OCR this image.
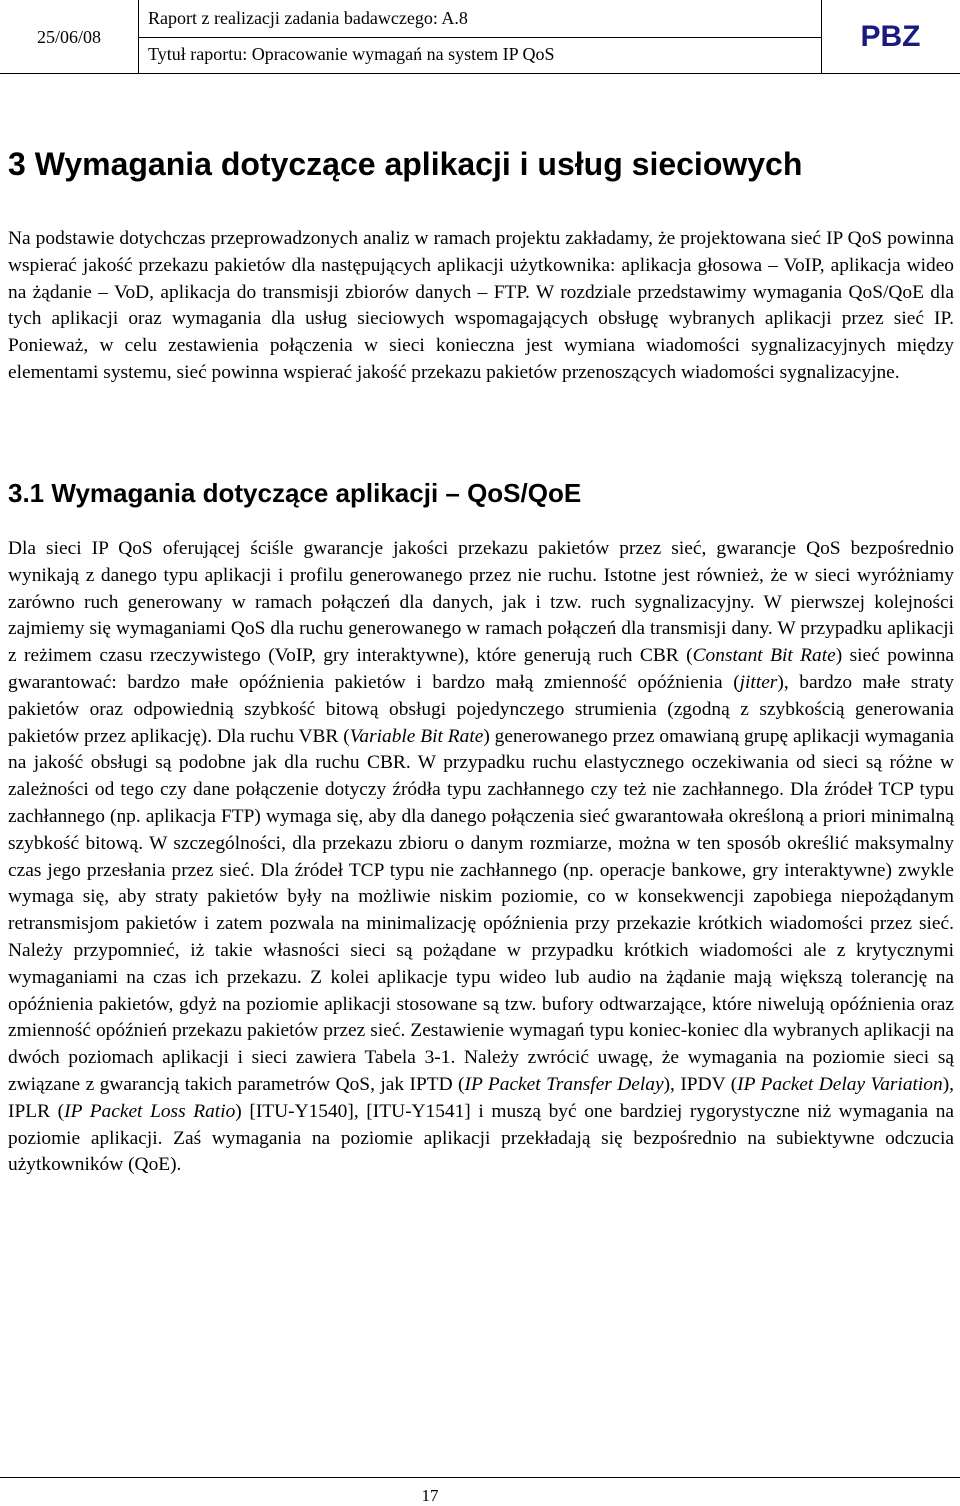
25/06/08
Raport z realizacji zadania badawczego: A.8
Tytuł raportu: Opracowanie wymagań na system IP QoS
PBZ
3 Wymagania dotyczące aplikacji i usług sieciowych

Na podstawie dotychczas przeprowadzonych analiz w ramach projektu zakładamy, że projektowana sieć IP QoS powinna wspierać jakość przekazu pakietów dla następujących aplikacji użytkownika: aplikacja głosowa – VoIP, aplikacja wideo na żądanie – VoD, aplikacja do transmisji zbiorów danych – FTP. W rozdziale przedstawimy wymagania QoS/QoE dla tych aplikacji oraz wymagania dla usług sieciowych wspomagających obsługę wybranych aplikacji przez sieć IP. Ponieważ, w celu zestawienia połączenia w sieci konieczna jest wymiana wiadomości sygnalizacyjnych między elementami systemu, sieć powinna wspierać jakość przekazu pakietów przenoszących wiadomości sygnalizacyjne.

3.1 Wymagania dotyczące aplikacji – QoS/QoE

Dla sieci IP QoS oferującej ściśle gwarancje jakości przekazu pakietów przez sieć, gwarancje QoS bezpośrednio wynikają z danego typu aplikacji i profilu generowanego przez nie ruchu. Istotne jest również, że w sieci wyróżniamy zarówno ruch generowany w ramach połączeń dla danych, jak i tzw. ruch sygnalizacyjny. W pierwszej kolejności zajmiemy się wymaganiami QoS dla ruchu generowanego w ramach połączeń dla transmisji dany. W przypadku aplikacji z reżimem czasu rzeczywistego (VoIP, gry interaktywne), które generują ruch CBR (Constant Bit Rate) sieć powinna gwarantować: bardzo małe opóźnienia pakietów i bardzo małą zmienność opóźnienia (jitter), bardzo małe straty pakietów oraz odpowiednią szybkość bitową obsługi pojedynczego strumienia (zgodną z szybkością generowania pakietów przez aplikację). Dla ruchu VBR (Variable Bit Rate) generowanego przez omawianą grupę aplikacji wymagania na jakość obsługi są podobne jak dla ruchu CBR. W przypadku ruchu elastycznego oczekiwania od sieci są różne w zależności od tego czy dane połączenie dotyczy źródła typu zachłannego czy też nie zachłannego. Dla źródeł TCP typu zachłannego (np. aplikacja FTP) wymaga się, aby dla danego połączenia sieć gwarantowała określoną a priori minimalną szybkość bitową. W szczególności, dla przekazu zbioru o danym rozmiarze, można w ten sposób określić maksymalny czas jego przesłania przez sieć. Dla źródeł TCP typu nie zachłannego (np. operacje bankowe, gry interaktywne) zwykle wymaga się, aby straty pakietów były na możliwie niskim poziomie, co w konsekwencji zapobiega niepożądanym retransmisjom pakietów i zatem pozwala na minimalizację opóźnienia przy przekazie krótkich wiadomości przez sieć. Należy przypomnieć, iż takie własności sieci są pożądane w przypadku krótkich wiadomości ale z krytycznymi wymaganiami na czas ich przekazu. Z kolei aplikacje typu wideo lub audio na żądanie mają większą tolerancję na opóźnienia pakietów, gdyż na poziomie aplikacji stosowane są tzw. bufory odtwarzające, które niwelują opóźnienia oraz zmienność opóźnień przekazu pakietów przez sieć. Zestawienie wymagań typu koniec-koniec dla wybranych aplikacji na dwóch poziomach aplikacji i sieci zawiera Tabela 3-1. Należy zwrócić uwagę, że wymagania na poziomie sieci są związane z gwarancją takich parametrów QoS, jak IPTD (IP Packet Transfer Delay), IPDV (IP Packet Delay Variation), IPLR (IP Packet Loss Ratio) [ITU-Y1540], [ITU-Y1541] i muszą być one bardziej rygorystyczne niż wymagania na poziomie aplikacji. Zaś wymagania na poziomie aplikacji przekładają się bezpośrednio na subiektywne odczucia użytkowników (QoE).

17
